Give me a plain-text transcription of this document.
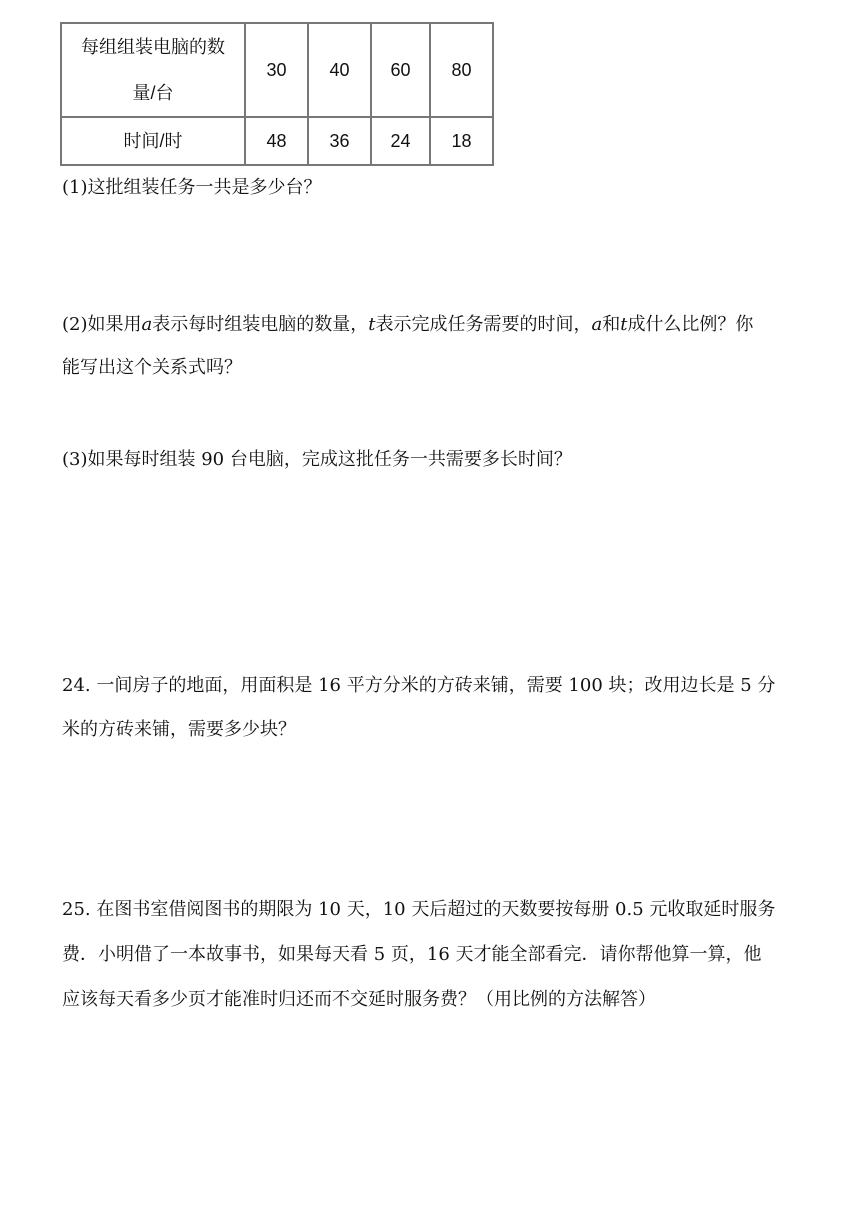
每组组装电脑的数
量/台	30	40	60	80
时间/时	48	36	24	18
(1)这批组装任务一共是多少台？
(2)如果用a表示每时组装电脑的数量，t表示完成任务需要的时间，a和t成什么比例？你
能写出这个关系式吗？
(3)如果每时组装 90 台电脑，完成这批任务一共需要多长时间？
24. 一间房子的地面，用面积是 16 平方分米的方砖来铺，需要 100 块；改用边长是 5 分
米的方砖来铺，需要多少块？
25. 在图书室借阅图书的期限为 10 天，10 天后超过的天数要按每册 0.5 元收取延时服务
费．小明借了一本故事书，如果每天看 5 页，16 天才能全部看完．请你帮他算一算，他
应该每天看多少页才能准时归还而不交延时服务费？（用比例的方法解答）
